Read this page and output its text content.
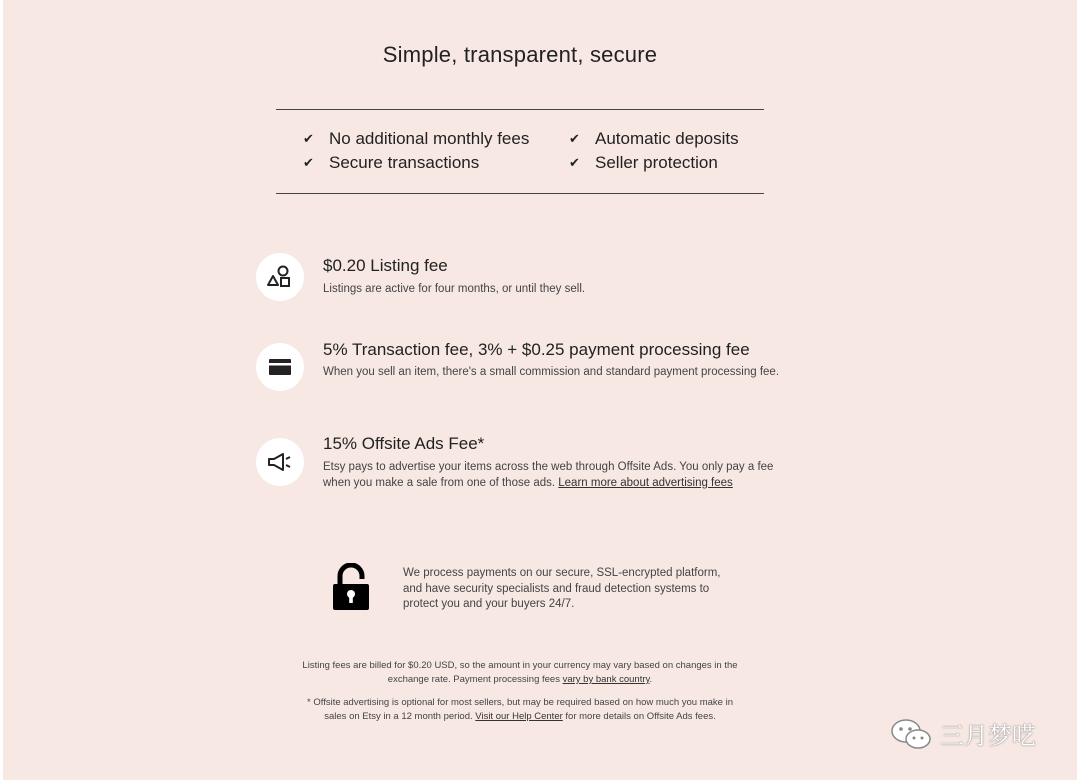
Simple, transparent, secure
✔ No additional monthly fees	✔ Automatic deposits
✔ Secure transactions	✔ Seller protection
$0.20 Listing fee
Listings are active for four months, or until they sell.
5% Transaction fee, 3% + $0.25 payment processing fee
When you sell an item, there's a small commission and standard payment processing fee.
15% Offsite Ads Fee*
Etsy pays to advertise your items across the web through Offsite Ads. You only pay a fee when you make a sale from one of those ads. Learn more about advertising fees
We process payments on our secure, SSL-encrypted platform, and have security specialists and fraud detection systems to protect you and your buyers 24/7.
Listing fees are billed for $0.20 USD, so the amount in your currency may vary based on changes in the exchange rate. Payment processing fees vary by bank country.
* Offsite advertising is optional for most sellers, but may be required based on how much you make in sales on Etsy in a 12 month period. Visit our Help Center for more details on Offsite Ads fees.
三月梦呓
